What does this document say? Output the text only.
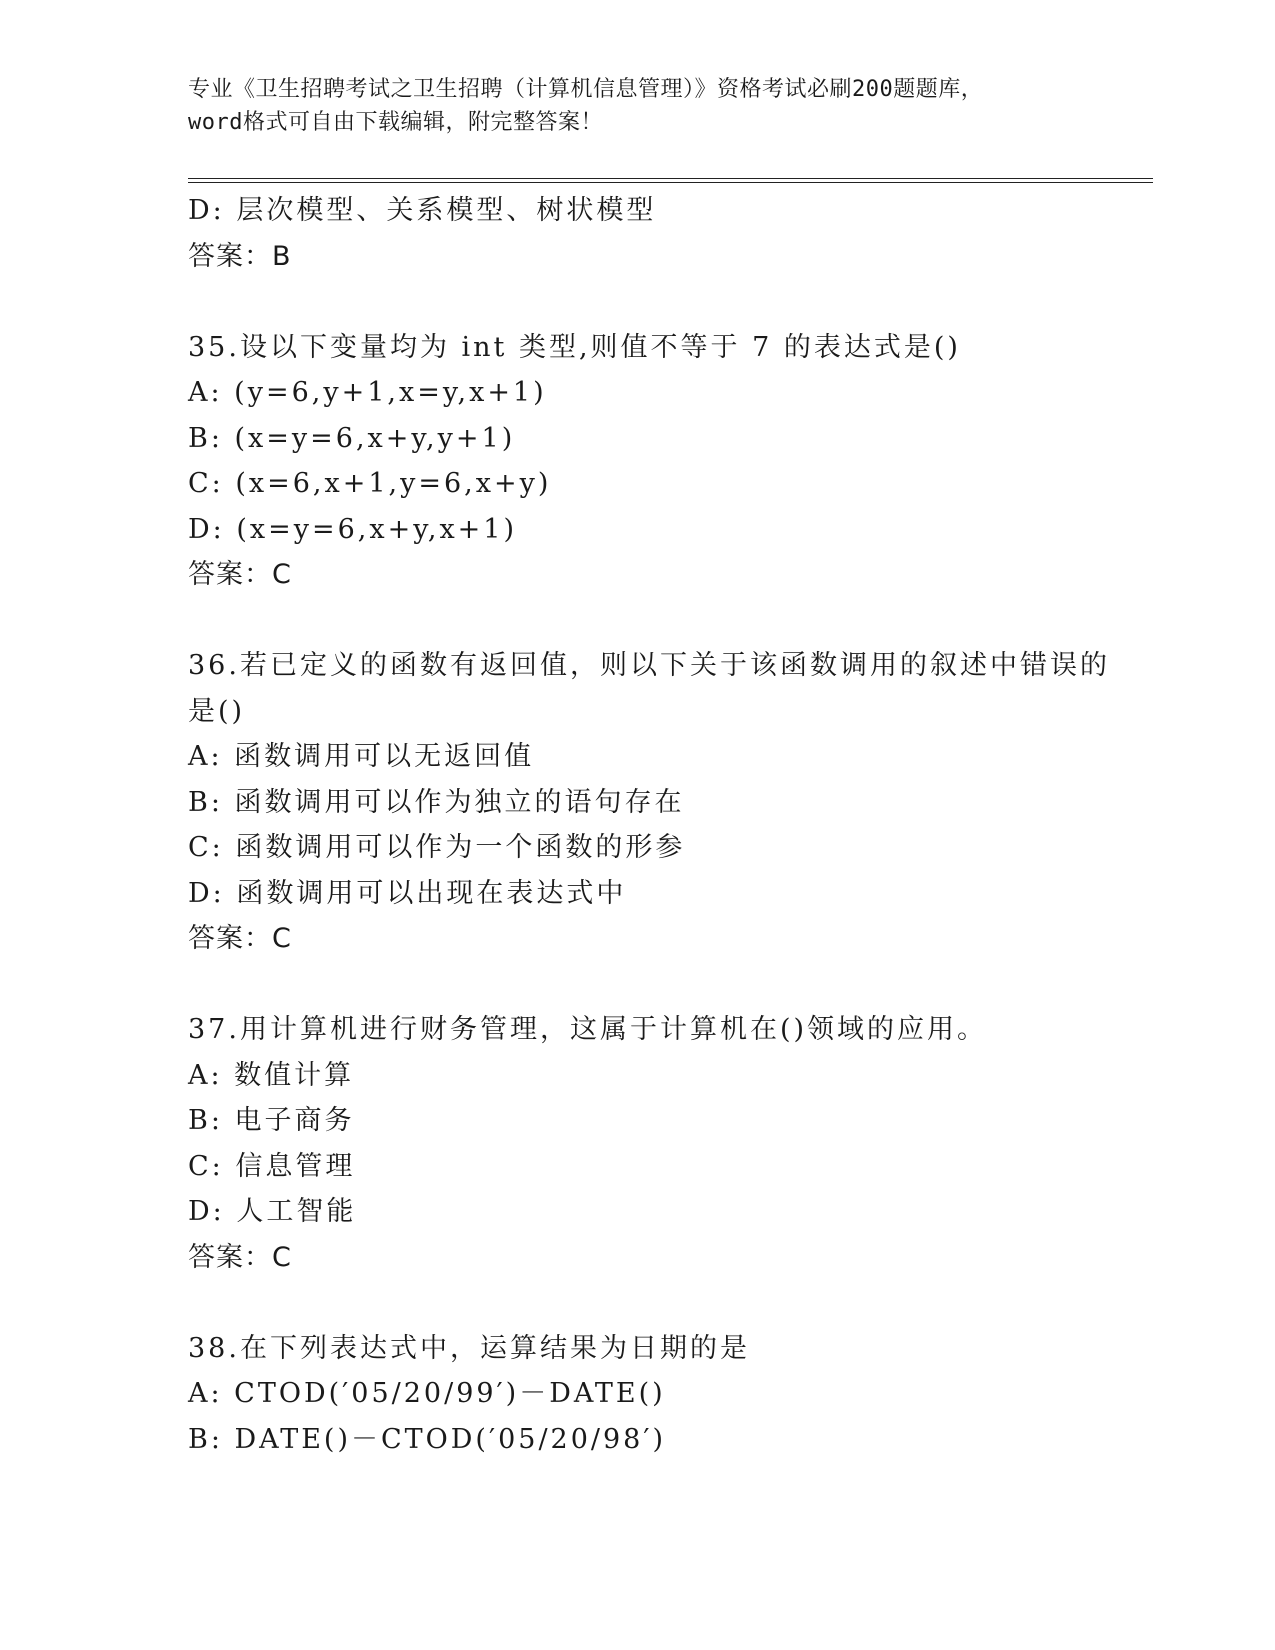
专业《卫生招聘考试之卫生招聘（计算机信息管理）》资格考试必刷200题题库，

word格式可自由下载编辑，附完整答案！

D: 层次模型、关系模型、树状模型

答案：B

35.设以下变量均为 int 类型,则值不等于 7 的表达式是()

A: (y=6,y+1,x=y,x+1)

B: (x=y=6,x+y,y+1)

C: (x=6,x+1,y=6,x+y)

D: (x=y=6,x+y,x+1)

答案：C

36.若已定义的函数有返回值，则以下关于该函数调用的叙述中错误的

是()

A: 函数调用可以无返回值

B: 函数调用可以作为独立的语句存在

C: 函数调用可以作为一个函数的形参

D: 函数调用可以出现在表达式中

答案：C

37.用计算机进行财务管理，这属于计算机在()领域的应用。

A: 数值计算

B: 电子商务

C: 信息管理

D: 人工智能

答案：C

38.在下列表达式中，运算结果为日期的是

A: CTOD(′05/20/99′)－DATE()

B: DATE()－CTOD(′05/20/98′)
